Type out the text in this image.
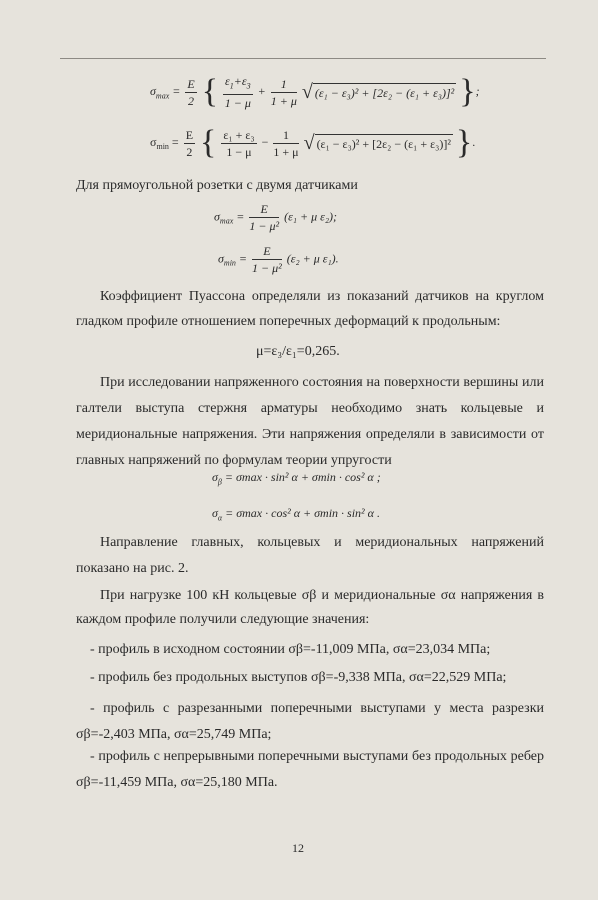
$\sigma_{max} = \frac{E}{2}$ { $\frac{\varepsilon_1+\varepsilon_3}{1 - \mu} + \frac{1}{1 + \mu}$ √ (ε₁ − ε₃)² + [2ε₂ − (ε₁ + ε₃)]² };
$\sigma_{min} = \frac{E}{2}$ { $\frac{\text{ε₁ + ε₃}}{1 - \mu} - \frac{1}{1 + \mu}$ √ (ε₁ − ε₃)² + [2ε₂ − (ε₁ + ε₃)]² }.
Для прямоугольной розетки с двумя датчиками
$\sigma_{max} = \frac{E}{\text{1 − μ²}} (\varepsilon_1 + \mu$ ε₂);
$\sigma_{min} = \frac{E}{\text{1 − μ²}} (\varepsilon_2 + \mu$ ε₁).
Коэффициент Пуассона определяли из показаний датчиков на круглом гладком профиле отношением поперечных деформаций к продольным:
μ=ε₃/ε₁=0,265.
При исследовании напряженного состояния на поверхности вершины или галтели выступа стержня арматуры необходимо знать кольцевые и меридиональные напряжения. Эти напряжения определяли в зависимости от главных напряжений по формулам теории упругости
$\sigma_\beta = \sigma\max \cdot \sin^2$ α + σmin · cos² α ;
$\sigma_\alpha = \sigma\max \cdot \cos^2$ α + σmin · sin² α .
Направление главных, кольцевых и меридиональных напряжений показано на рис. 2.
При нагрузке 100 кН кольцевые σβ и меридиональные σα напряжения в каждом профиле получили следующие значения:
- профиль в исходном состоянии σβ=-11,009 МПа, σα=23,034 МПа;
- профиль без продольных выступов σβ=-9,338 МПа, σα=22,529 МПа;
- профиль с разрезанными поперечными выступами у места разрезки σβ=-2,403 МПа, σα=25,749 МПа;
- профиль с непрерывными поперечными выступами без продольных ребер σβ=-11,459 МПа, σα=25,180 МПа.
12
